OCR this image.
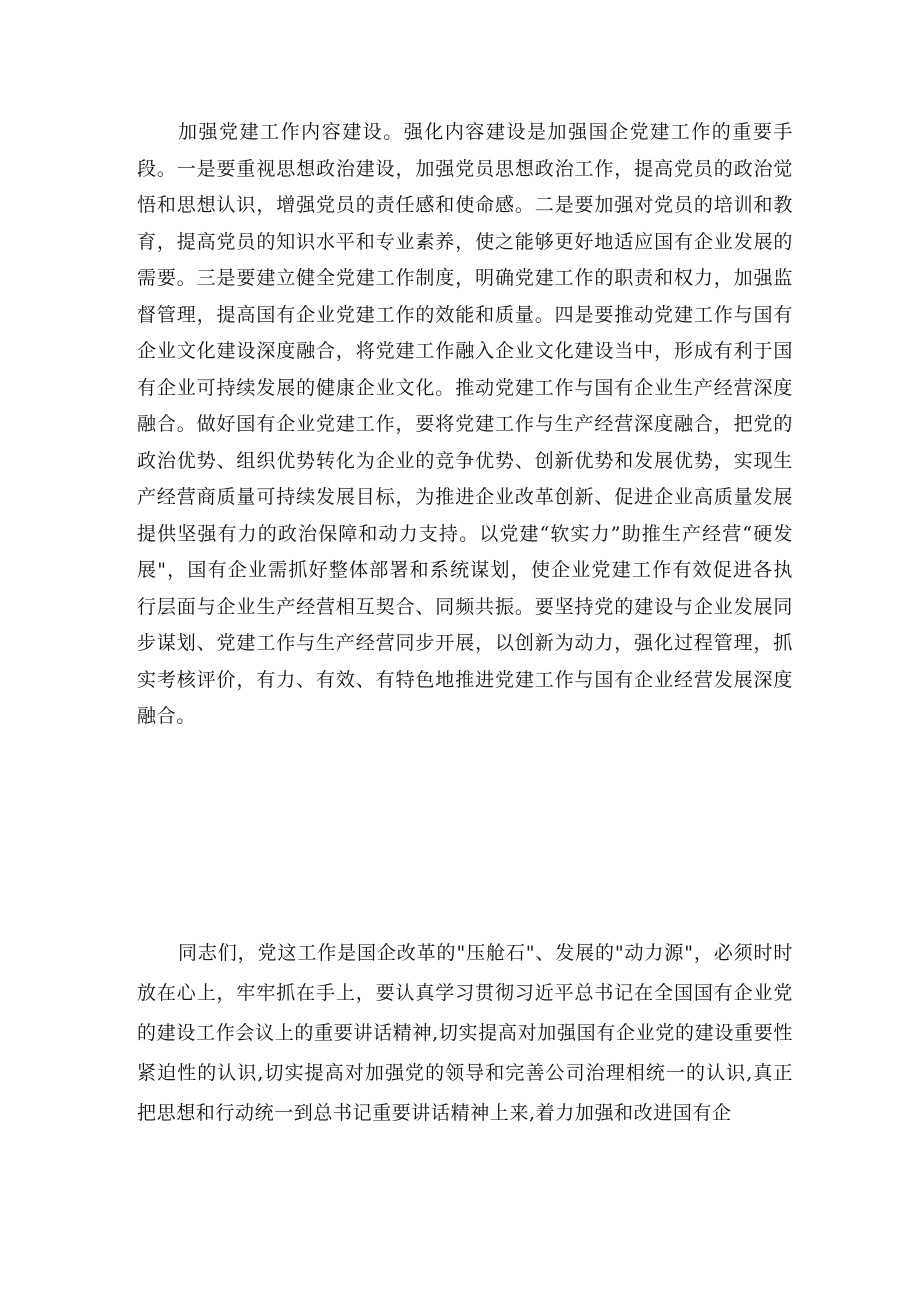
加强党建工作内容建设。强化内容建设是加强国企党建工作的重要手段。一是要重视思想政治建设，加强党员思想政治工作，提高党员的政治觉悟和思想认识，增强党员的责任感和使命感。二是要加强对党员的培训和教育，提高党员的知识水平和专业素养，使之能够更好地适应国有企业发展的需要。三是要建立健全党建工作制度，明确党建工作的职责和权力，加强监督管理，提高国有企业党建工作的效能和质量。四是要推动党建工作与国有企业文化建设深度融合，将党建工作融入企业文化建设当中，形成有利于国有企业可持续发展的健康企业文化。推动党建工作与国有企业生产经营深度融合。做好国有企业党建工作，要将党建工作与生产经营深度融合，把党的政治优势、组织优势转化为企业的竞争优势、创新优势和发展优势，实现生产经营商质量可持续发展目标，为推进企业改革创新、促进企业高质量发展提供坚强有力的政治保障和动力支持。以党建“软实力”助推生产经营“硬发展"，国有企业需抓好整体部署和系统谋划，使企业党建工作有效促进各执行层面与企业生产经营相互契合、同频共振。要坚持党的建设与企业发展同步谋划、党建工作与生产经营同步开展，以创新为动力，强化过程管理，抓实考核评价，有力、有效、有特色地推进党建工作与国有企业经营发展深度融合。

同志们，党这工作是国企改革的"压舱石"、发展的"动力源"，必须时时放在心上，牢牢抓在手上，要认真学习贯彻习近平总书记在全国国有企业党的建设工作会议上的重要讲话精神,切实提高对加强国有企业党的建设重要性紧迫性的认识,切实提高对加强党的领导和完善公司治理相统一的认识,真正把思想和行动统一到总书记重要讲话精神上来,着力加强和改进国有企
